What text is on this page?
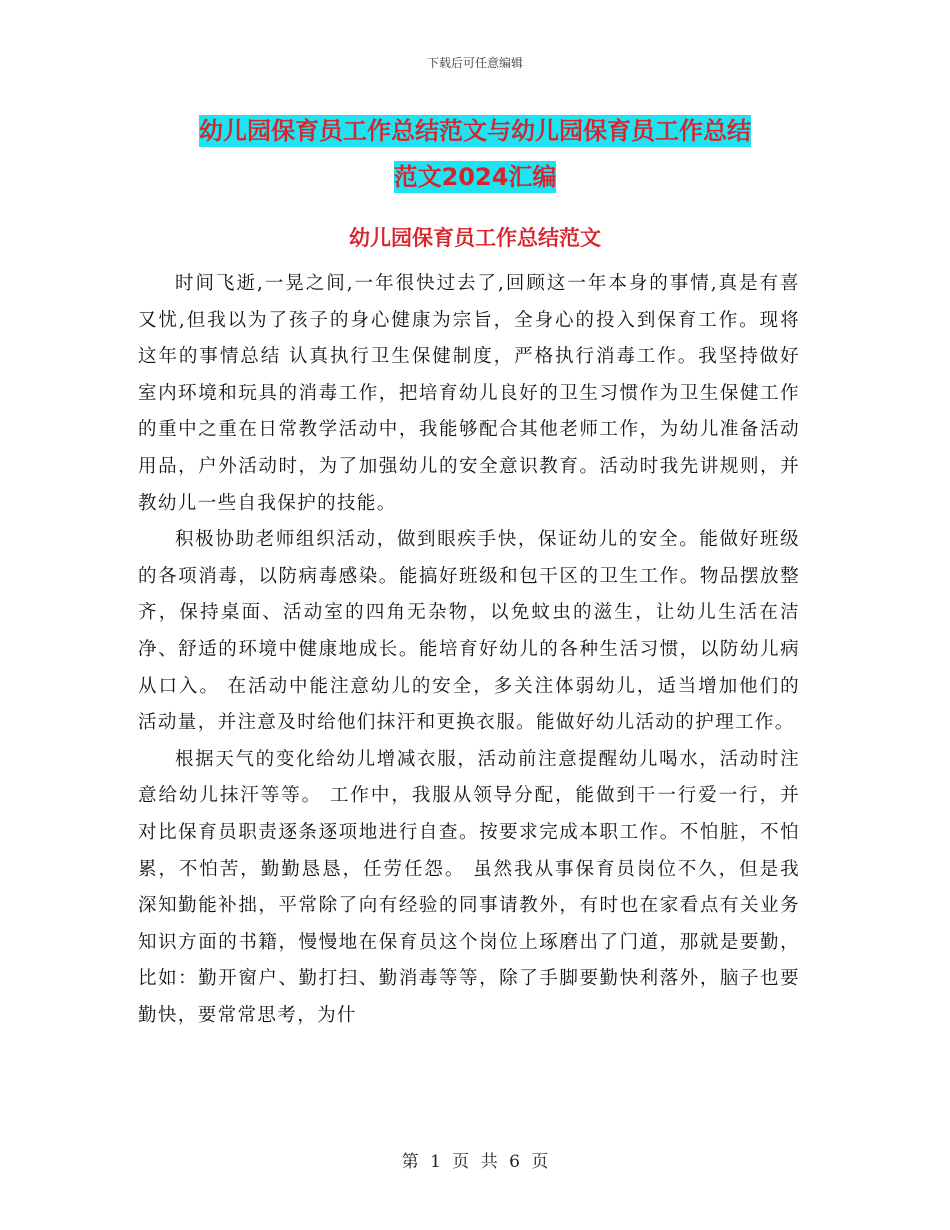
下载后可任意编辑
幼儿园保育员工作总结范文与幼儿园保育员工作总结
范文2024汇编
幼儿园保育员工作总结范文

时间飞逝,一晃之间,一年很快过去了,回顾这一年本身的事情,真是有喜又忧,但我以为了孩子的身心健康为宗旨，全身心的投入到保育工作。现将这年的事情总结 认真执行卫生保健制度，严格执行消毒工作。我坚持做好室内环境和玩具的消毒工作，把培育幼儿良好的卫生习惯作为卫生保健工作的重中之重在日常教学活动中，我能够配合其他老师工作，为幼儿准备活动用品，户外活动时，为了加强幼儿的安全意识教育。活动时我先讲规则，并教幼儿一些自我保护的技能。

积极协助老师组织活动，做到眼疾手快，保证幼儿的安全。能做好班级的各项消毒，以防病毒感染。能搞好班级和包干区的卫生工作。物品摆放整齐，保持桌面、活动室的四角无杂物，以免蚊虫的滋生，让幼儿生活在洁净、舒适的环境中健康地成长。能培育好幼儿的各种生活习惯，以防幼儿病从口入。 在活动中能注意幼儿的安全，多关注体弱幼儿，适当增加他们的活动量，并注意及时给他们抹汗和更换衣服。能做好幼儿活动的护理工作。

根据天气的变化给幼儿增减衣服，活动前注意提醒幼儿喝水，活动时注意给幼儿抹汗等等。 工作中，我服从领导分配，能做到干一行爱一行，并对比保育员职责逐条逐项地进行自查。按要求完成本职工作。不怕脏，不怕累，不怕苦，勤勤恳恳，任劳任怨。 虽然我从事保育员岗位不久，但是我深知勤能补拙，平常除了向有经验的同事请教外，有时也在家看点有关业务知识方面的书籍，慢慢地在保育员这个岗位上琢磨出了门道，那就是要勤，比如：勤开窗户、勤打扫、勤消毒等等，除了手脚要勤快利落外，脑子也要勤快，要常常思考，为什

第 1 页 共 6 页
